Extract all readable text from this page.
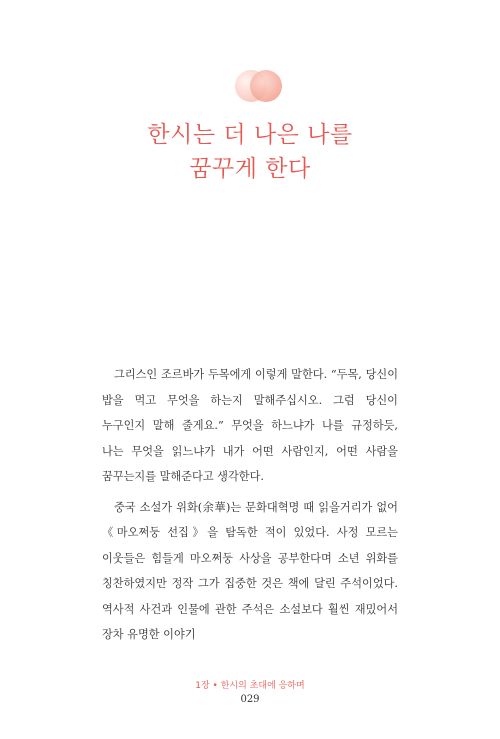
한시는 더 나은 나를
꿈꾸게 한다

그리스인 조르바가 두목에게 이렇게 말한다. “두목, 당신이 밥을 먹고 무엇을 하는지 말해주십시오. 그럼 당신이 누구인지 말해 줄게요.” 무엇을 하느냐가 나를 규정하듯, 나는 무엇을 읽느냐가 내가 어떤 사람인지, 어떤 사람을 꿈꾸는지를 말해준다고 생각한다.

중국 소설가 위화(余華)는 문화대혁명 때 읽을거리가 없어 《마오쩌둥 선집》을 탐독한 적이 있었다. 사정 모르는 이웃들은 힘들게 마오쩌둥 사상을 공부한다며 소년 위화를 칭찬하였지만 정작 그가 집중한 것은 책에 달린 주석이었다. 역사적 사건과 인물에 관한 주석은 소설보다 훨씬 재밌어서 장차 유명한 이야기

1장 • 한시의 초대에 응하며
029
